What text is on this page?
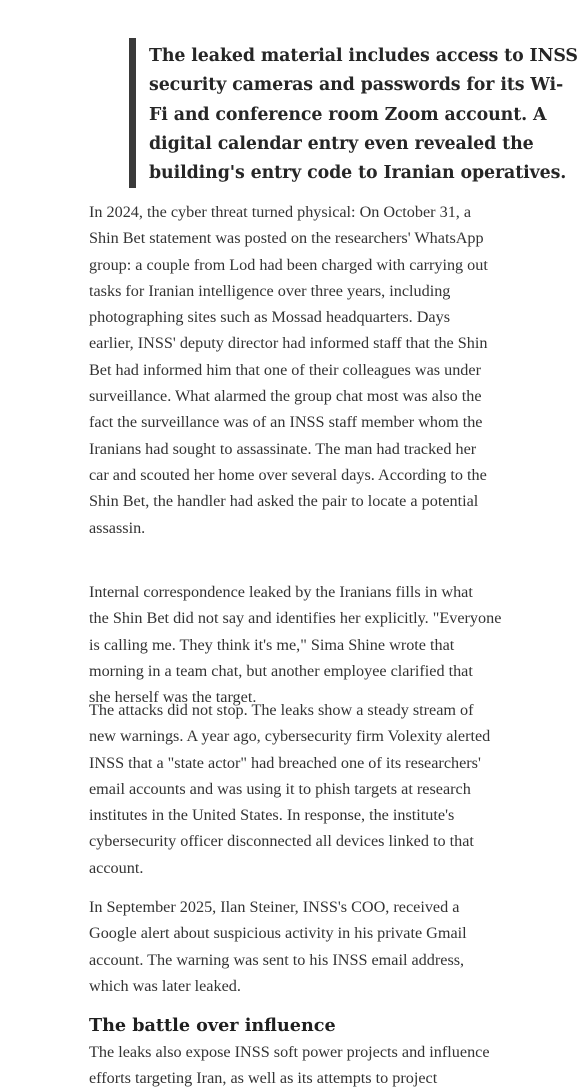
The leaked material includes access to INSS
security cameras and passwords for its Wi-
Fi and conference room Zoom account. A
digital calendar entry even revealed the
building's entry code to Iranian operatives.

In 2024, the cyber threat turned physical: On October 31, a
Shin Bet statement was posted on the researchers' WhatsApp
group: a couple from Lod had been charged with carrying out
tasks for Iranian intelligence over three years, including
photographing sites such as Mossad headquarters. Days
earlier, INSS' deputy director had informed staff that the Shin
Bet had informed him that one of their colleagues was under
surveillance. What alarmed the group chat most was also the
fact the surveillance was of an INSS staff member whom the
Iranians had sought to assassinate. The man had tracked her
car and scouted her home over several days. According to the
Shin Bet, the handler had asked the pair to locate a potential
assassin.

Internal correspondence leaked by the Iranians fills in what
the Shin Bet did not say and identifies her explicitly. "Everyone
is calling me. They think it's me," Sima Shine wrote that
morning in a team chat, but another employee clarified that
she herself was the target.

The attacks did not stop. The leaks show a steady stream of
new warnings. A year ago, cybersecurity firm Volexity alerted
INSS that a "state actor" had breached one of its researchers'
email accounts and was using it to phish targets at research
institutes in the United States. In response, the institute's
cybersecurity officer disconnected all devices linked to that
account.

In September 2025, Ilan Steiner, INSS's COO, received a
Google alert about suspicious activity in his private Gmail
account. The warning was sent to his INSS email address,
which was later leaked.

The battle over influence

The leaks also expose INSS soft power projects and influence
efforts targeting Iran, as well as its attempts to project
